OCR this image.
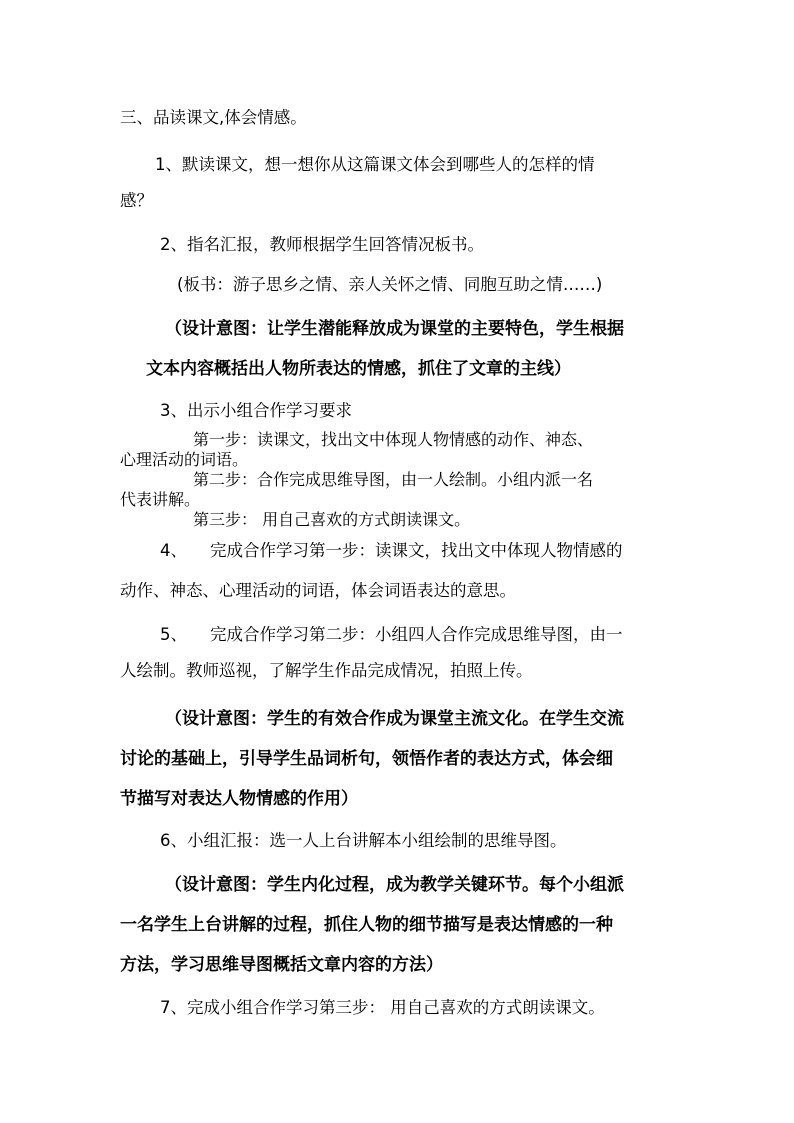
三、品读课文,体会情感。
1、默读课文，想一想你从这篇课文体会到哪些人的怎样的情
感？
2、指名汇报，教师根据学生回答情况板书。
(板书：游子思乡之情、亲人关怀之情、同胞互助之情……)
（设计意图：让学生潜能释放成为课堂的主要特色，学生根据
文本内容概括出人物所表达的情感，抓住了文章的主线）
3、出示小组合作学习要求
第一步：读课文，找出文中体现人物情感的动作、神态、
心理活动的词语。
第二步：合作完成思维导图，由一人绘制。小组内派一名
代表讲解。
第三步： 用自己喜欢的方式朗读课文。
4、 完成合作学习第一步：读课文，找出文中体现人物情感的
动作、神态、心理活动的词语，体会词语表达的意思。
5、 完成合作学习第二步：小组四人合作完成思维导图，由一
人绘制。教师巡视，了解学生作品完成情况，拍照上传。
（设计意图：学生的有效合作成为课堂主流文化。在学生交流
讨论的基础上，引导学生品词析句，领悟作者的表达方式，体会细
节描写对表达人物情感的作用）
6、小组汇报：选一人上台讲解本小组绘制的思维导图。
（设计意图：学生内化过程，成为教学关键环节。每个小组派
一名学生上台讲解的过程，抓住人物的细节描写是表达情感的一种
方法，学习思维导图概括文章内容的方法）
7、完成小组合作学习第三步： 用自己喜欢的方式朗读课文。
